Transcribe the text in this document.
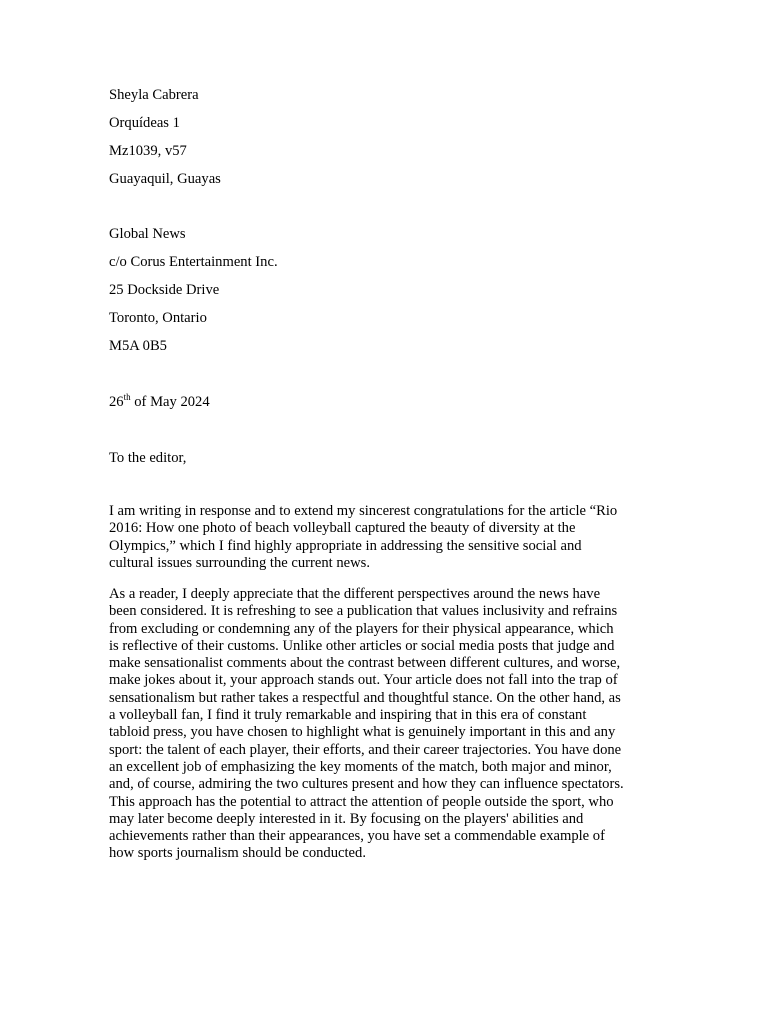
Sheyla Cabrera
Orquídeas 1
Mz1039, v57
Guayaquil, Guayas
Global News
c/o Corus Entertainment Inc.
25 Dockside Drive
Toronto, Ontario
M5A 0B5
26th of May 2024
To the editor,
I am writing in response and to extend my sincerest congratulations for the article “Rio
2016: How one photo of beach volleyball captured the beauty of diversity at the
Olympics,” which I find highly appropriate in addressing the sensitive social and
cultural issues surrounding the current news.
As a reader, I deeply appreciate that the different perspectives around the news have
been considered. It is refreshing to see a publication that values inclusivity and refrains
from excluding or condemning any of the players for their physical appearance, which
is reflective of their customs. Unlike other articles or social media posts that judge and
make sensationalist comments about the contrast between different cultures, and worse,
make jokes about it, your approach stands out. Your article does not fall into the trap of
sensationalism but rather takes a respectful and thoughtful stance. On the other hand, as
a volleyball fan, I find it truly remarkable and inspiring that in this era of constant
tabloid press, you have chosen to highlight what is genuinely important in this and any
sport: the talent of each player, their efforts, and their career trajectories. You have done
an excellent job of emphasizing the key moments of the match, both major and minor,
and, of course, admiring the two cultures present and how they can influence spectators.
This approach has the potential to attract the attention of people outside the sport, who
may later become deeply interested in it. By focusing on the players' abilities and
achievements rather than their appearances, you have set a commendable example of
how sports journalism should be conducted.
